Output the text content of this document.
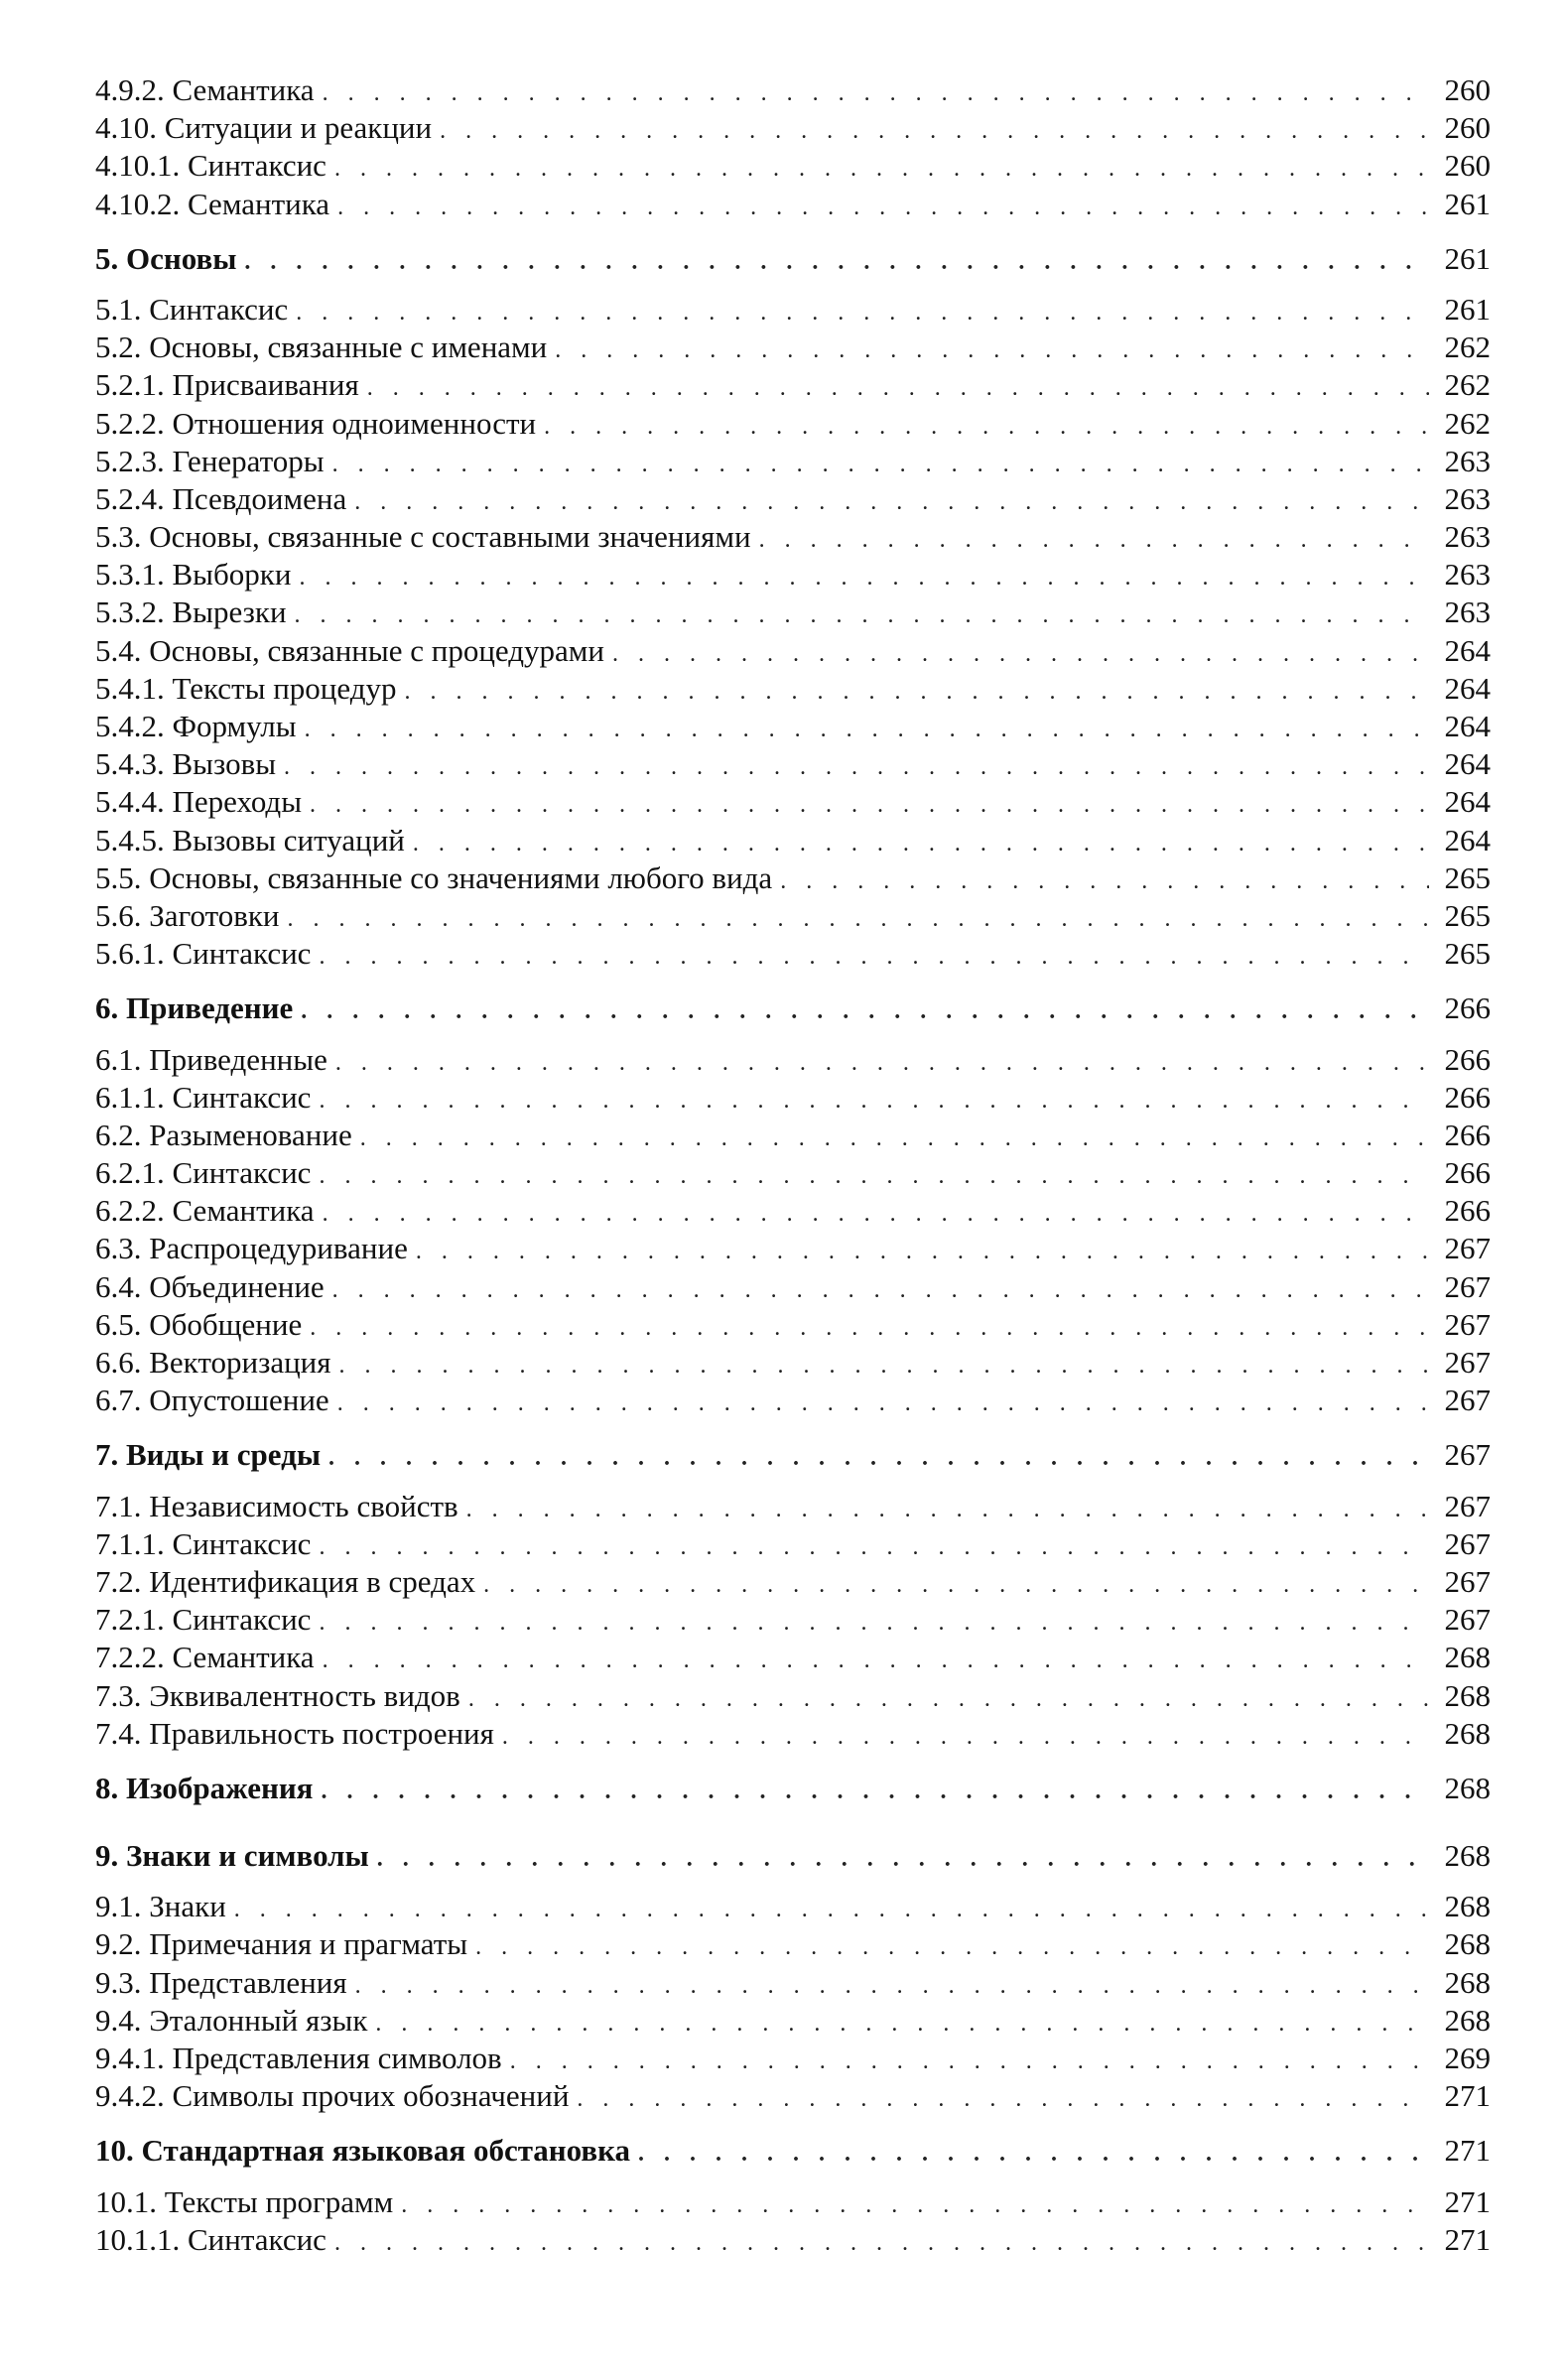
4.9.2. Семантика . . .	260
4.10. Ситуации и реакции . . .	260
4.10.1. Синтаксис . . .	260
4.10.2. Семантика . . .	261
5. Основы . . .	261
5.1. Синтаксис . . .	261
5.2. Основы, связанные с именами . . .	262
5.2.1. Присваивания . . .	262
5.2.2. Отношения одноименности . . .	262
5.2.3. Генераторы . . .	263
5.2.4. Псевдоимена . . .	263
5.3. Основы, связанные с составными значениями . . .	263
5.3.1. Выборки . . .	263
5.3.2. Вырезки . . .	263
5.4. Основы, связанные с процедурами . . .	264
5.4.1. Тексты процедур . . .	264
5.4.2. Формулы . . .	264
5.4.3. Вызовы . . .	264
5.4.4. Переходы . . .	264
5.4.5. Вызовы ситуаций . . .	264
5.5. Основы, связанные со значениями любого вида . . .	265
5.6. Заготовки . . .	265
5.6.1. Синтаксис . . .	265
6. Приведение . . .	266
6.1. Приведенные . . .	266
6.1.1. Синтаксис . . .	266
6.2. Разыменование . . .	266
6.2.1. Синтаксис . . .	266
6.2.2. Семантика . . .	266
6.3. Распроцедуривание . . .	267
6.4. Объединение . . .	267
6.5. Обобщение . . .	267
6.6. Векторизация . . .	267
6.7. Опустошение . . .	267
7. Виды и среды . . .	267
7.1. Независимость свойств . . .	267
7.1.1. Синтаксис . . .	267
7.2. Идентификация в средах . . .	267
7.2.1. Синтаксис . . .	267
7.2.2. Семантика . . .	268
7.3. Эквивалентность видов . . .	268
7.4. Правильность построения . . .	268
8. Изображения . . .	268
9. Знаки и символы . . .	268
9.1. Знаки . . .	268
9.2. Примечания и прагматы . . .	268
9.3. Представления . . .	268
9.4. Эталонный язык . . .	268
9.4.1. Представления символов . . .	269
9.4.2. Символы прочих обозначений . . .	271
10. Стандартная языковая обстановка . . .	271
10.1. Тексты программ . . .	271
10.1.1. Синтаксис . . .	271
